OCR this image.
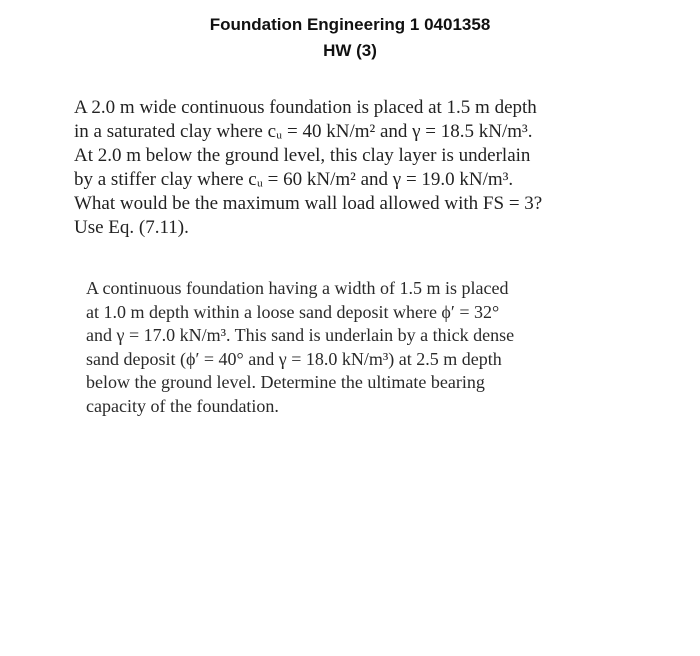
Foundation Engineering 1 0401358
HW (3)
A 2.0 m wide continuous foundation is placed at 1.5 m depth
in a saturated clay where cᵤ = 40 kN/m² and γ = 18.5 kN/m³.
At 2.0 m below the ground level, this clay layer is underlain
by a stiffer clay where cᵤ = 60 kN/m² and γ = 19.0 kN/m³.
What would be the maximum wall load allowed with FS = 3?
Use Eq. (7.11).
A continuous foundation having a width of 1.5 m is placed
at 1.0 m depth within a loose sand deposit where ϕ′ = 32°
and γ = 17.0 kN/m³. This sand is underlain by a thick dense
sand deposit (ϕ′ = 40° and γ = 18.0 kN/m³) at 2.5 m depth
below the ground level. Determine the ultimate bearing
capacity of the foundation.
